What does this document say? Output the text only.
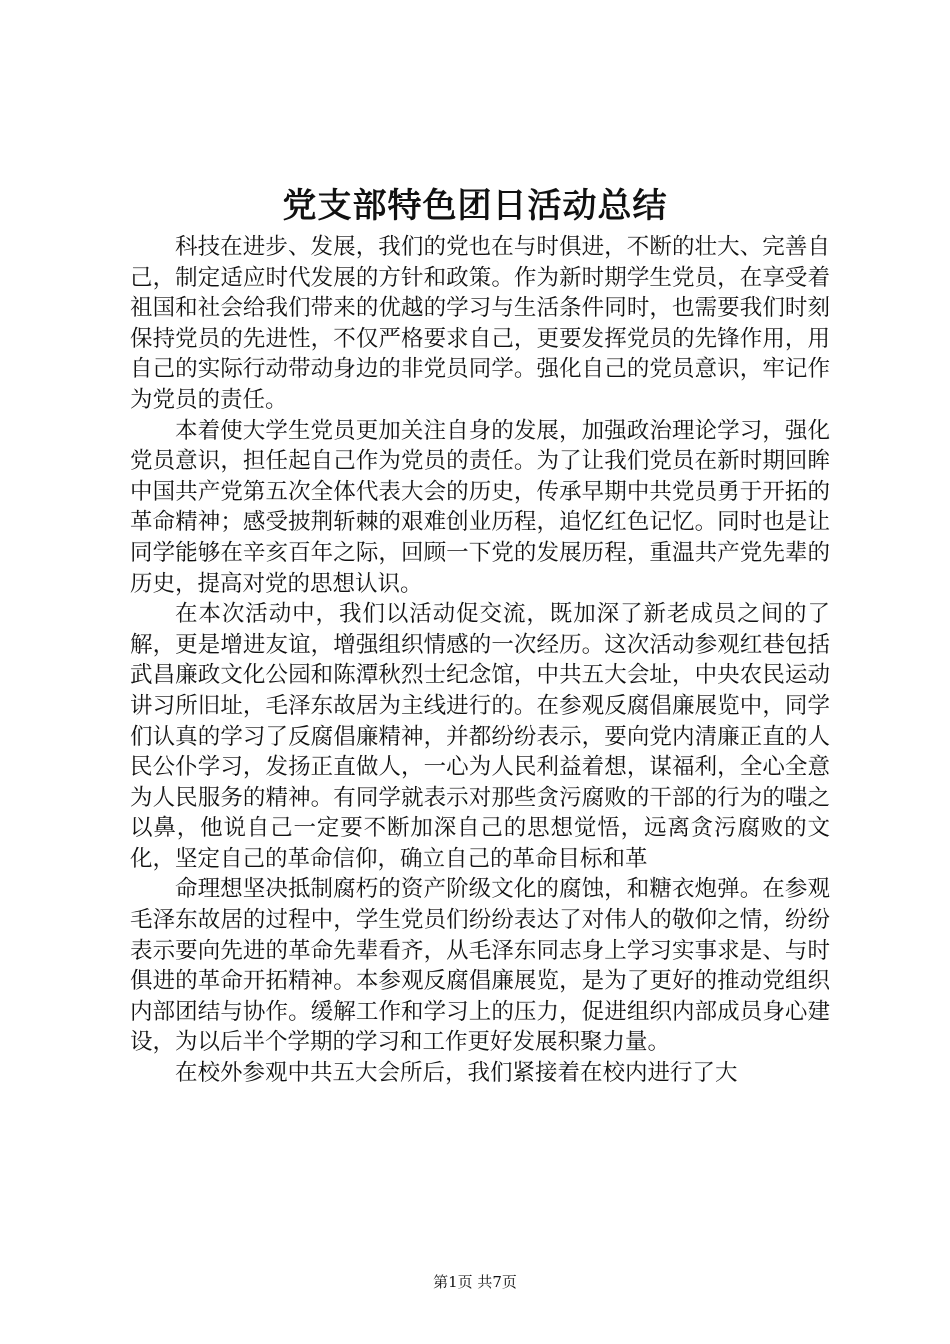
党支部特色团日活动总结

科技在进步、发展，我们的党也在与时俱进，不断的壮大、完善自己，制定适应时代发展的方针和政策。作为新时期学生党员，在享受着祖国和社会给我们带来的优越的学习与生活条件同时，也需要我们时刻保持党员的先进性，不仅严格要求自己，更要发挥党员的先锋作用，用自己的实际行动带动身边的非党员同学。强化自己的党员意识，牢记作为党员的责任。

本着使大学生党员更加关注自身的发展，加强政治理论学习，强化党员意识，担任起自己作为党员的责任。为了让我们党员在新时期回眸中国共产党第五次全体代表大会的历史，传承早期中共党员勇于开拓的革命精神；感受披荆斩棘的艰难创业历程，追忆红色记忆。同时也是让同学能够在辛亥百年之际，回顾一下党的发展历程，重温共产党先辈的历史，提高对党的思想认识。

在本次活动中，我们以活动促交流，既加深了新老成员之间的了解，更是增进友谊，增强组织情感的一次经历。这次活动参观红巷包括武昌廉政文化公园和陈潭秋烈士纪念馆，中共五大会址，中央农民运动讲习所旧址，毛泽东故居为主线进行的。在参观反腐倡廉展览中，同学们认真的学习了反腐倡廉精神，并都纷纷表示，要向党内清廉正直的人民公仆学习，发扬正直做人，一心为人民利益着想，谋福利，全心全意为人民服务的精神。有同学就表示对那些贪污腐败的干部的行为的嗤之以鼻，他说自己一定要不断加深自己的思想觉悟，远离贪污腐败的文化，坚定自己的革命信仰，确立自己的革命目标和革

命理想坚决抵制腐朽的资产阶级文化的腐蚀，和糖衣炮弹。在参观毛泽东故居的过程中，学生党员们纷纷表达了对伟人的敬仰之情，纷纷表示要向先进的革命先辈看齐，从毛泽东同志身上学习实事求是、与时俱进的革命开拓精神。本参观反腐倡廉展览，是为了更好的推动党组织内部团结与协作。缓解工作和学习上的压力，促进组织内部成员身心建设，为以后半个学期的学习和工作更好发展积聚力量。

在校外参观中共五大会所后，我们紧接着在校内进行了大

第1页 共7页
